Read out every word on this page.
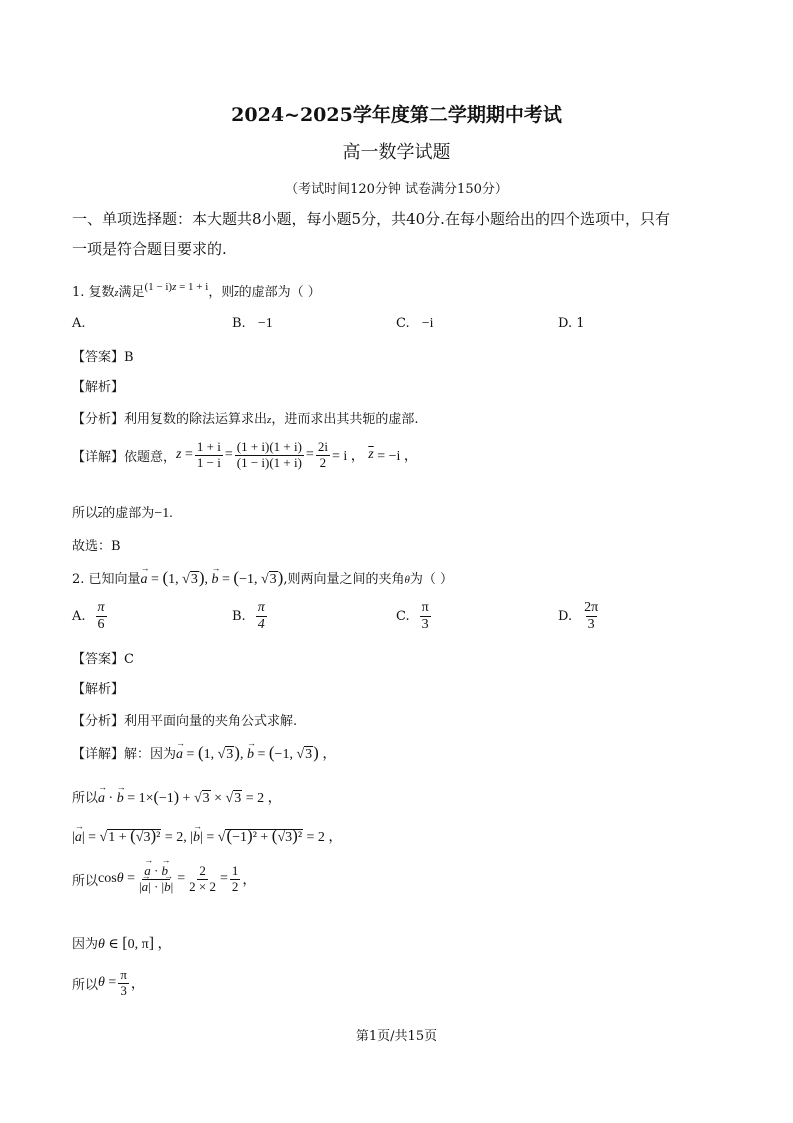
2024~2025学年度第二学期期中考试
高一数学试题
（考试时间120分钟 试卷满分150分）
一、单项选择题：本大题共8小题，每小题5分，共40分.在每小题给出的四个选项中，只有
一项是符合题目要求的.
1. 复数z满足$^{(1 - i)z = 1 + i}$，则$\overline{z}$的虚部为（ ）
A.	B. −1	C. −i	D. 1
【答案】B
【解析】
【分析】利用复数的除法运算求出z，进而求出其共轭的虚部.
【详解】 依题意， $z = \frac{1 + i}{1 - i} = \frac{(1 + i)(1 + i)}{(1 - i)(1 + i)} = \frac{2i}{2} = i$ ， $\overline{z} = -i$ ，
所以$\overline{z}$的虚部为−1.
故选：B
2. 已知向量→ a = (1, √3), → b = (−1, √3),则两向量之间的夹角θ为（ ）
A. $\frac{\pi}{6}$	B. $\frac{\pi}{4}$	C. $\frac{\pi}{3}$	D. $\frac{2\pi}{3}$
【答案】C
【解析】
【分析】利用平面向量的夹角公式求解.
【详解】解：因为→ a = (1, √3), → b = (−1, √3) ，
所以→ a · → b = 1×(−1) + √3 × √3 = 2 ，
|→ a| = √1 + (√3)² = 2, |→ b| = √(−1)² + (√3)² = 2 ，
所以 cos θ = → $\frac{a \cdot \to b}{|\to a| \cdot |\to b|} = \frac{2}{2 \times 2} = \frac{1}{2}$ ，
因为θ ∈ [0, π] ，
所以 $\theta = \frac{\pi}{3}$ ，
第1页/共15页
